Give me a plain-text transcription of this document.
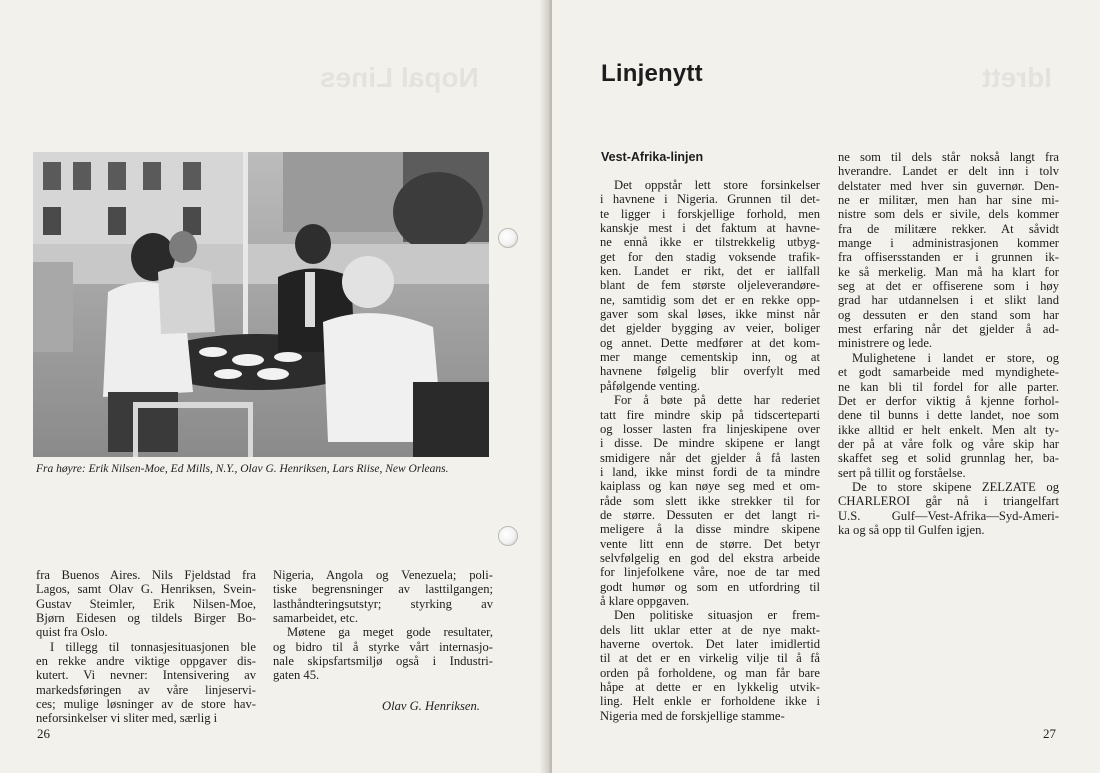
Nopal Lines
Fra høyre: Erik Nilsen-Moe, Ed Mills, N.Y., Olav G. Henriksen, Lars Riise, New Orleans.
fra Buenos Aires. Nils Fjeldstad fra
Lagos, samt Olav G. Henriksen, Svein-
Gustav Steimler, Erik Nilsen-Moe,
Bjørn Eidesen og tildels Birger Bo-
quist fra Oslo.
I tillegg til tonnasjesituasjonen ble
en rekke andre viktige oppgaver dis-
kutert. Vi nevner: Intensivering av
markedsføringen av våre linjeservi-
ces; mulige løsninger av de store hav-
neforsinkelser vi sliter med, særlig i
Nigeria, Angola og Venezuela; poli-
tiske begrensninger av lasttilgangen;
lasthåndteringsutstyr; styrking av
samarbeidet, etc.
Møtene ga meget gode resultater,
og bidro til å styrke vårt internasjo-
nale skipsfartsmiljø også i Industri-
gaten 45.
Olav G. Henriksen.
26
Idrett
Linjenytt
Vest-Afrika-linjen
Det oppstår lett store forsinkelser
i havnene i Nigeria. Grunnen til det-
te ligger i forskjellige forhold, men
kanskje mest i det faktum at havne-
ne ennå ikke er tilstrekkelig utbyg-
get for den stadig voksende trafik-
ken. Landet er rikt, det er iallfall
blant de fem største oljeleverandøre-
ne, samtidig som det er en rekke opp-
gaver som skal løses, ikke minst når
det gjelder bygging av veier, boliger
og annet. Dette medfører at det kom-
mer mange cementskip inn, og at
havnene følgelig blir overfylt med
påfølgende venting.
For å bøte på dette har rederiet
tatt fire mindre skip på tidscerteparti
og losser lasten fra linjeskipene over
i disse. De mindre skipene er langt
smidigere når det gjelder å få lasten
i land, ikke minst fordi de ta mindre
kaiplass og kan nøye seg med et om-
råde som slett ikke strekker til for
de større. Dessuten er det langt ri-
meligere å la disse mindre skipene
vente litt enn de større. Det betyr
selvfølgelig en god del ekstra arbeide
for linjefolkene våre, noe de tar med
godt humør og som en utfordring til
å klare oppgaven.
Den politiske situasjon er frem-
dels litt uklar etter at de nye makt-
haverne overtok. Det later imidlertid
til at det er en virkelig vilje til å få
orden på forholdene, og man får bare
håpe at dette er en lykkelig utvik-
ling. Helt enkle er forholdene ikke i
Nigeria med de forskjellige stamme-
ne som til dels står nokså langt fra
hverandre. Landet er delt inn i tolv
delstater med hver sin guvernør. Den-
ne er militær, men han har sine mi-
nistre som dels er sivile, dels kommer
fra de militære rekker. At såvidt
mange i administrasjonen kommer
fra offisersstanden er i grunnen ik-
ke så merkelig. Man må ha klart for
seg at det er offiserene som i høy
grad har utdannelsen i et slikt land
og dessuten er den stand som har
mest erfaring når det gjelder å ad-
ministrere og lede.
Mulighetene i landet er store, og
et godt samarbeide med myndighete-
ne kan bli til fordel for alle parter.
Det er derfor viktig å kjenne forhol-
dene til bunns i dette landet, noe som
ikke alltid er helt enkelt. Men alt ty-
der på at våre folk og våre skip har
skaffet seg et solid grunnlag her, ba-
sert på tillit og forståelse.
De to store skipene ZELZATE og
CHARLEROI går nå i triangelfart
U.S. Gulf—Vest-Afrika—Syd-Ameri-
ka og så opp til Gulfen igjen.
27
